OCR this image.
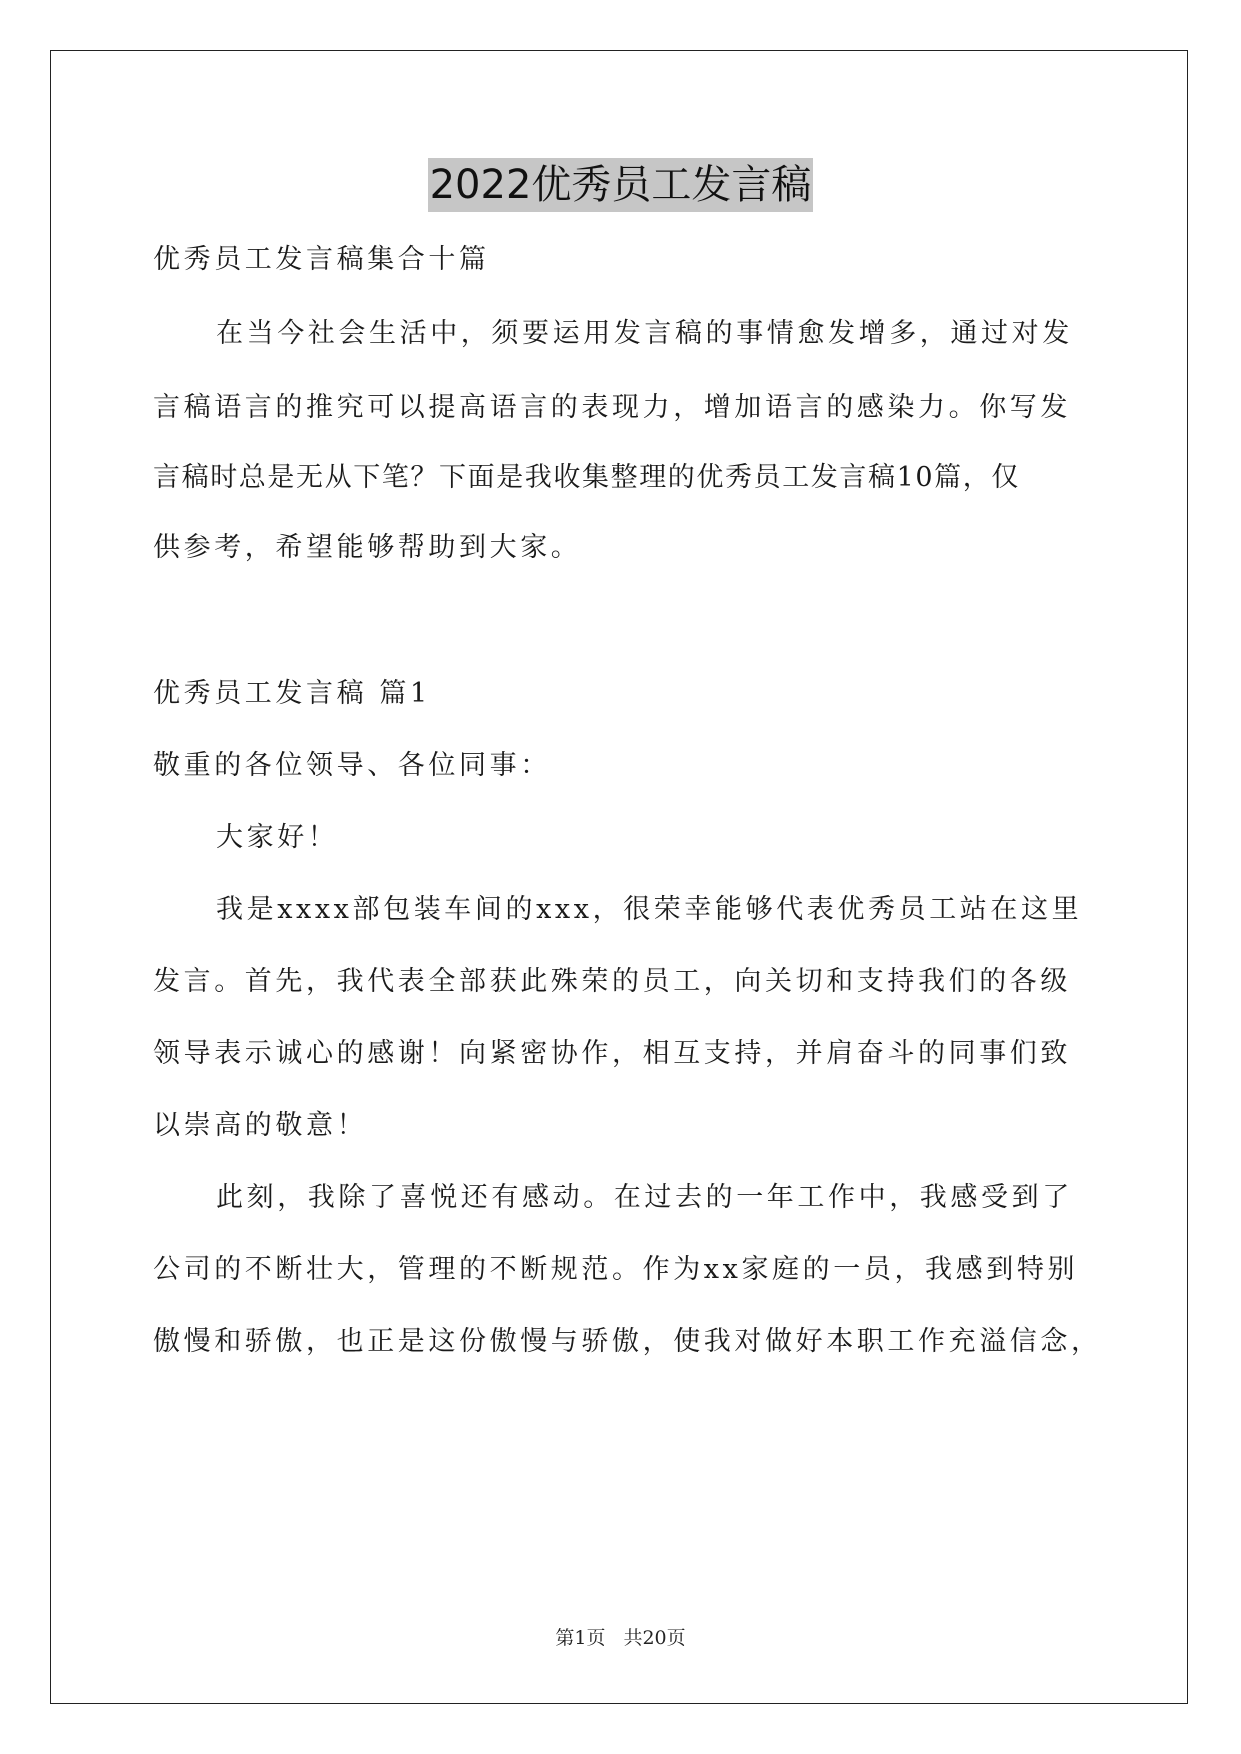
2022优秀员工发言稿
优秀员工发言稿集合十篇
在当今社会生活中，须要运用发言稿的事情愈发增多，通过对发
言稿语言的推究可以提高语言的表现力，增加语言的感染力。你写发
言稿时总是无从下笔？下面是我收集整理的优秀员工发言稿10篇，仅
供参考，希望能够帮助到大家。
优秀员工发言稿 篇1
敬重的各位领导、各位同事：
大家好！
我是xxxx部包装车间的xxx，很荣幸能够代表优秀员工站在这里
发言。首先，我代表全部获此殊荣的员工，向关切和支持我们的各级
领导表示诚心的感谢！向紧密协作，相互支持，并肩奋斗的同事们致
以崇高的敬意！
此刻，我除了喜悦还有感动。在过去的一年工作中，我感受到了
公司的不断壮大，管理的不断规范。作为xx家庭的一员，我感到特别
傲慢和骄傲，也正是这份傲慢与骄傲，使我对做好本职工作充溢信念，
第1页 共20页
